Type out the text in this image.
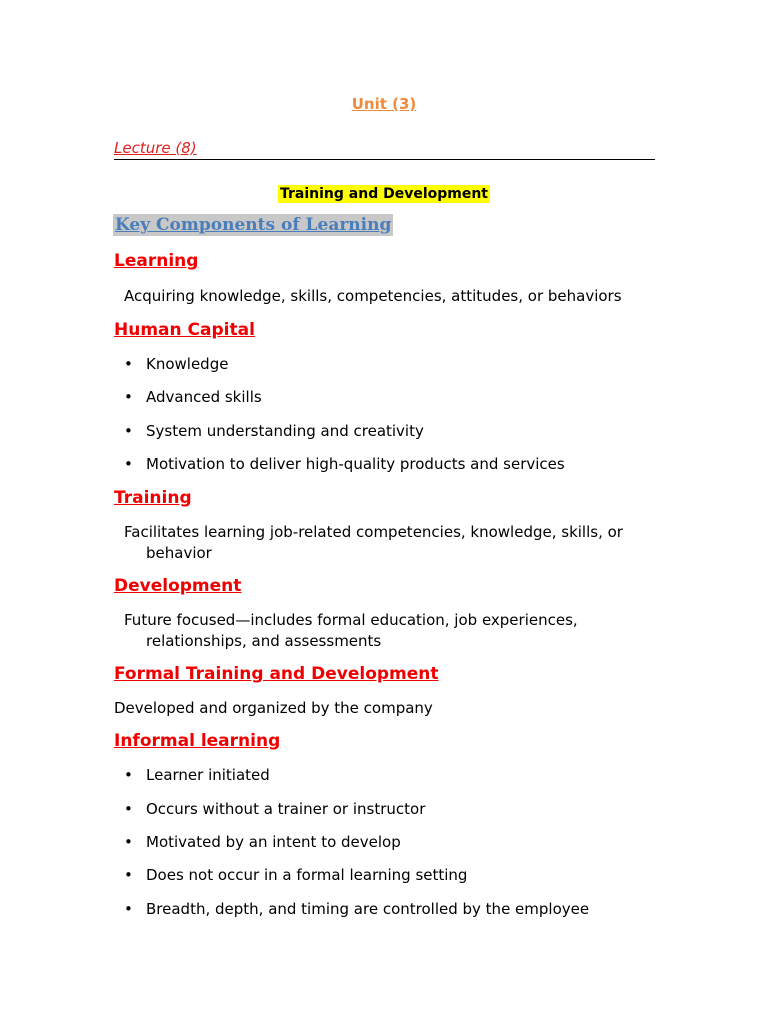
Unit (3)
Lecture (8)
Training and Development
Key Components of Learning
Learning
Acquiring knowledge, skills, competencies, attitudes, or behaviors
Human Capital
• Knowledge
• Advanced skills
• System understanding and creativity
• Motivation to deliver high-quality products and services
Training
Facilitates learning job-related competencies, knowledge, skills, or behavior
Development
Future focused—includes formal education, job experiences, relationships, and assessments
Formal Training and Development
Developed and organized by the company
Informal learning
• Learner initiated
• Occurs without a trainer or instructor
• Motivated by an intent to develop
• Does not occur in a formal learning setting
• Breadth, depth, and timing are controlled by the employee
